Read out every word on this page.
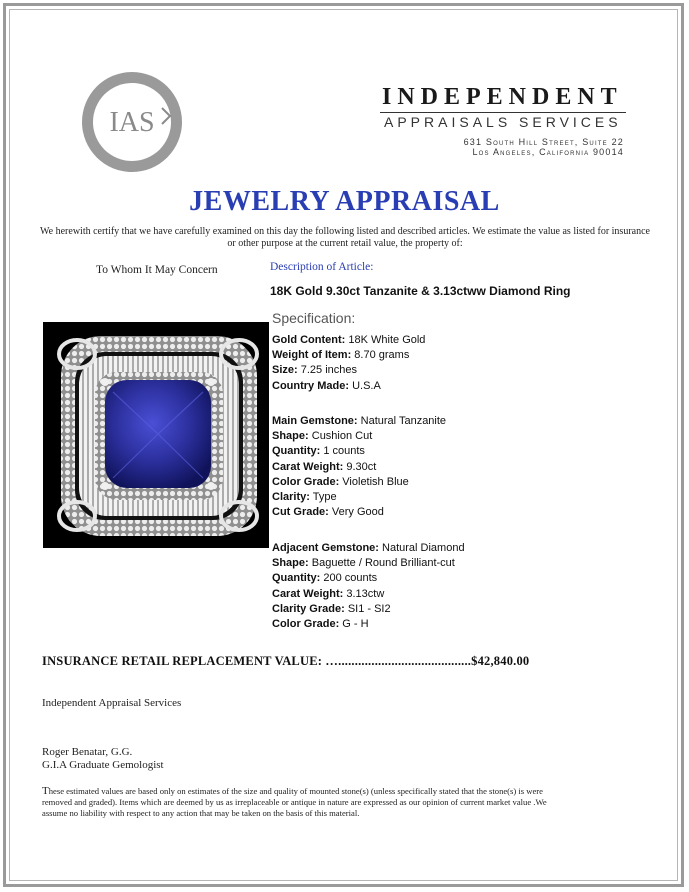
IAS
Appraisal
INDEPENDENT
APPRAISALS SERVICES
631 South Hill Street, Suite 22
Los Angeles, California 90014
JEWELRY APPRAISAL
We herewith certify that we have carefully examined on this day the following listed and described articles. We estimate the value as listed for insurance or other purpose at the current retail value, the property of:
To Whom It May Concern	Description of Article:
18K Gold 9.30ct Tanzanite & 3.13ctww Diamond Ring
Specification:
Gold Content: 18K White Gold
Weight of Item: 8.70 grams
Size: 7.25 inches
Country Made: U.S.A
Main Gemstone: Natural Tanzanite
Shape: Cushion Cut
Quantity: 1 counts
Carat Weight: 9.30ct
Color Grade: Violetish Blue
Clarity: Type
Cut Grade: Very Good
Adjacent Gemstone: Natural Diamond
Shape: Baguette / Round Brilliant-cut
Quantity: 200 counts
Carat Weight: 3.13ctw
Clarity Grade: SI1 - SI2
Color Grade: G - H
INSURANCE RETAIL REPLACEMENT VALUE: …........................................$42,840.00
Independent Appraisal Services
Roger Benatar, G.G.
G.I.A Graduate Gemologist
These estimated values are based only on estimates of the size and quality of mounted stone(s) (unless specifically stated that the stone(s) is were removed and graded). Items which are deemed by us as irreplaceable or antique in nature are expressed as our opinion of current market value .We assume no liability with respect to any action that may be taken on the basis of this material.
